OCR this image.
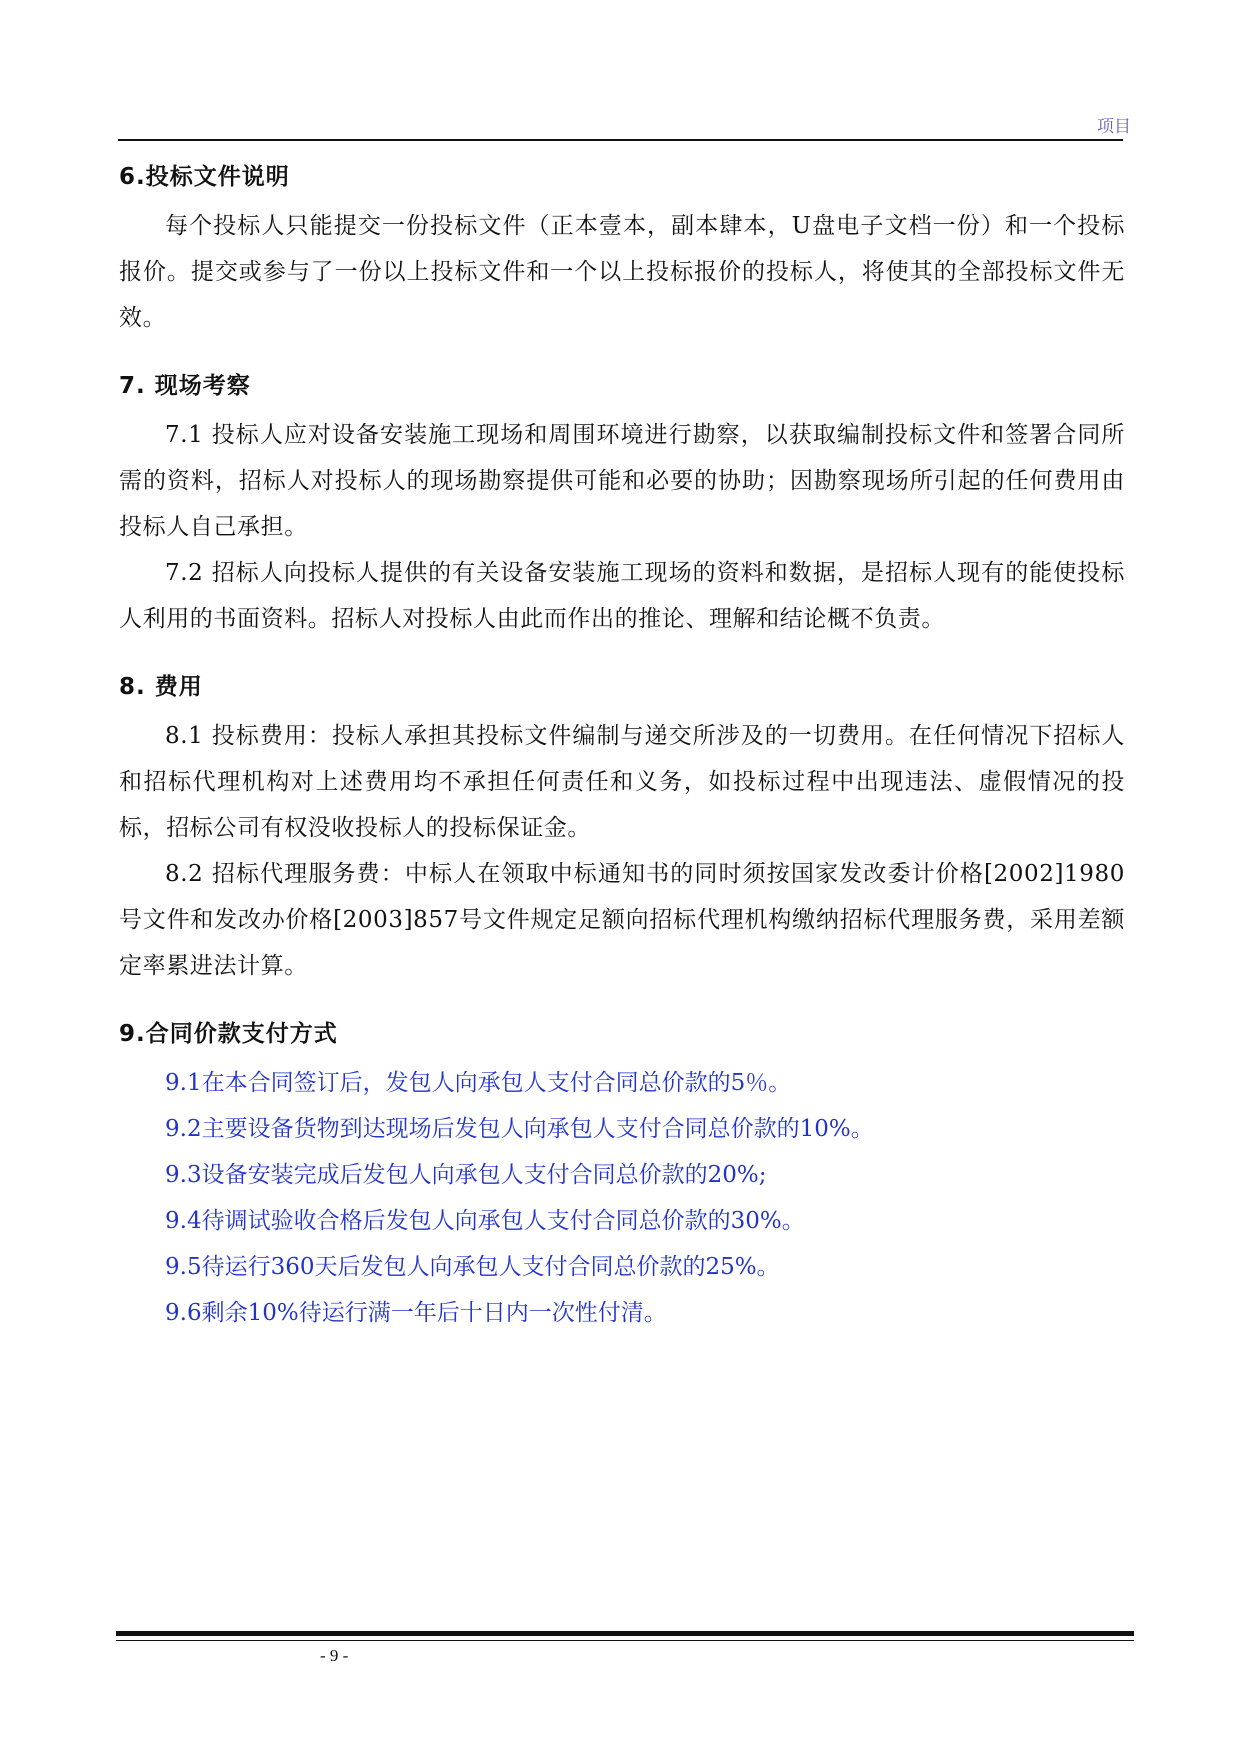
项目
6.投标文件说明

每个投标人只能提交一份投标文件（正本壹本，副本肆本，U盘电子文档一份）和一个投标报价。提交或参与了一份以上投标文件和一个以上投标报价的投标人，将使其的全部投标文件无效。

7. 现场考察

7.1 投标人应对设备安装施工现场和周围环境进行勘察，以获取编制投标文件和签署合同所需的资料，招标人对投标人的现场勘察提供可能和必要的协助；因勘察现场所引起的任何费用由投标人自己承担。

7.2 招标人向投标人提供的有关设备安装施工现场的资料和数据，是招标人现有的能使投标人利用的书面资料。招标人对投标人由此而作出的推论、理解和结论概不负责。

8. 费用

8.1 投标费用：投标人承担其投标文件编制与递交所涉及的一切费用。在任何情况下招标人和招标代理机构对上述费用均不承担任何责任和义务，如投标过程中出现违法、虚假情况的投标，招标公司有权没收投标人的投标保证金。

8.2 招标代理服务费：中标人在领取中标通知书的同时须按国家发改委计价格[2002]1980号文件和发改办价格[2003]857号文件规定足额向招标代理机构缴纳招标代理服务费，采用差额定率累进法计算。

9.合同价款支付方式

9.1在本合同签订后，发包人向承包人支付合同总价款的5％。

9.2主要设备货物到达现场后发包人向承包人支付合同总价款的10%。

9.3设备安装完成后发包人向承包人支付合同总价款的20%;

9.4待调试验收合格后发包人向承包人支付合同总价款的30%。

9.5待运行360天后发包人向承包人支付合同总价款的25%。

9.6剩余10%待运行满一年后十日内一次性付清。

- 9 -
